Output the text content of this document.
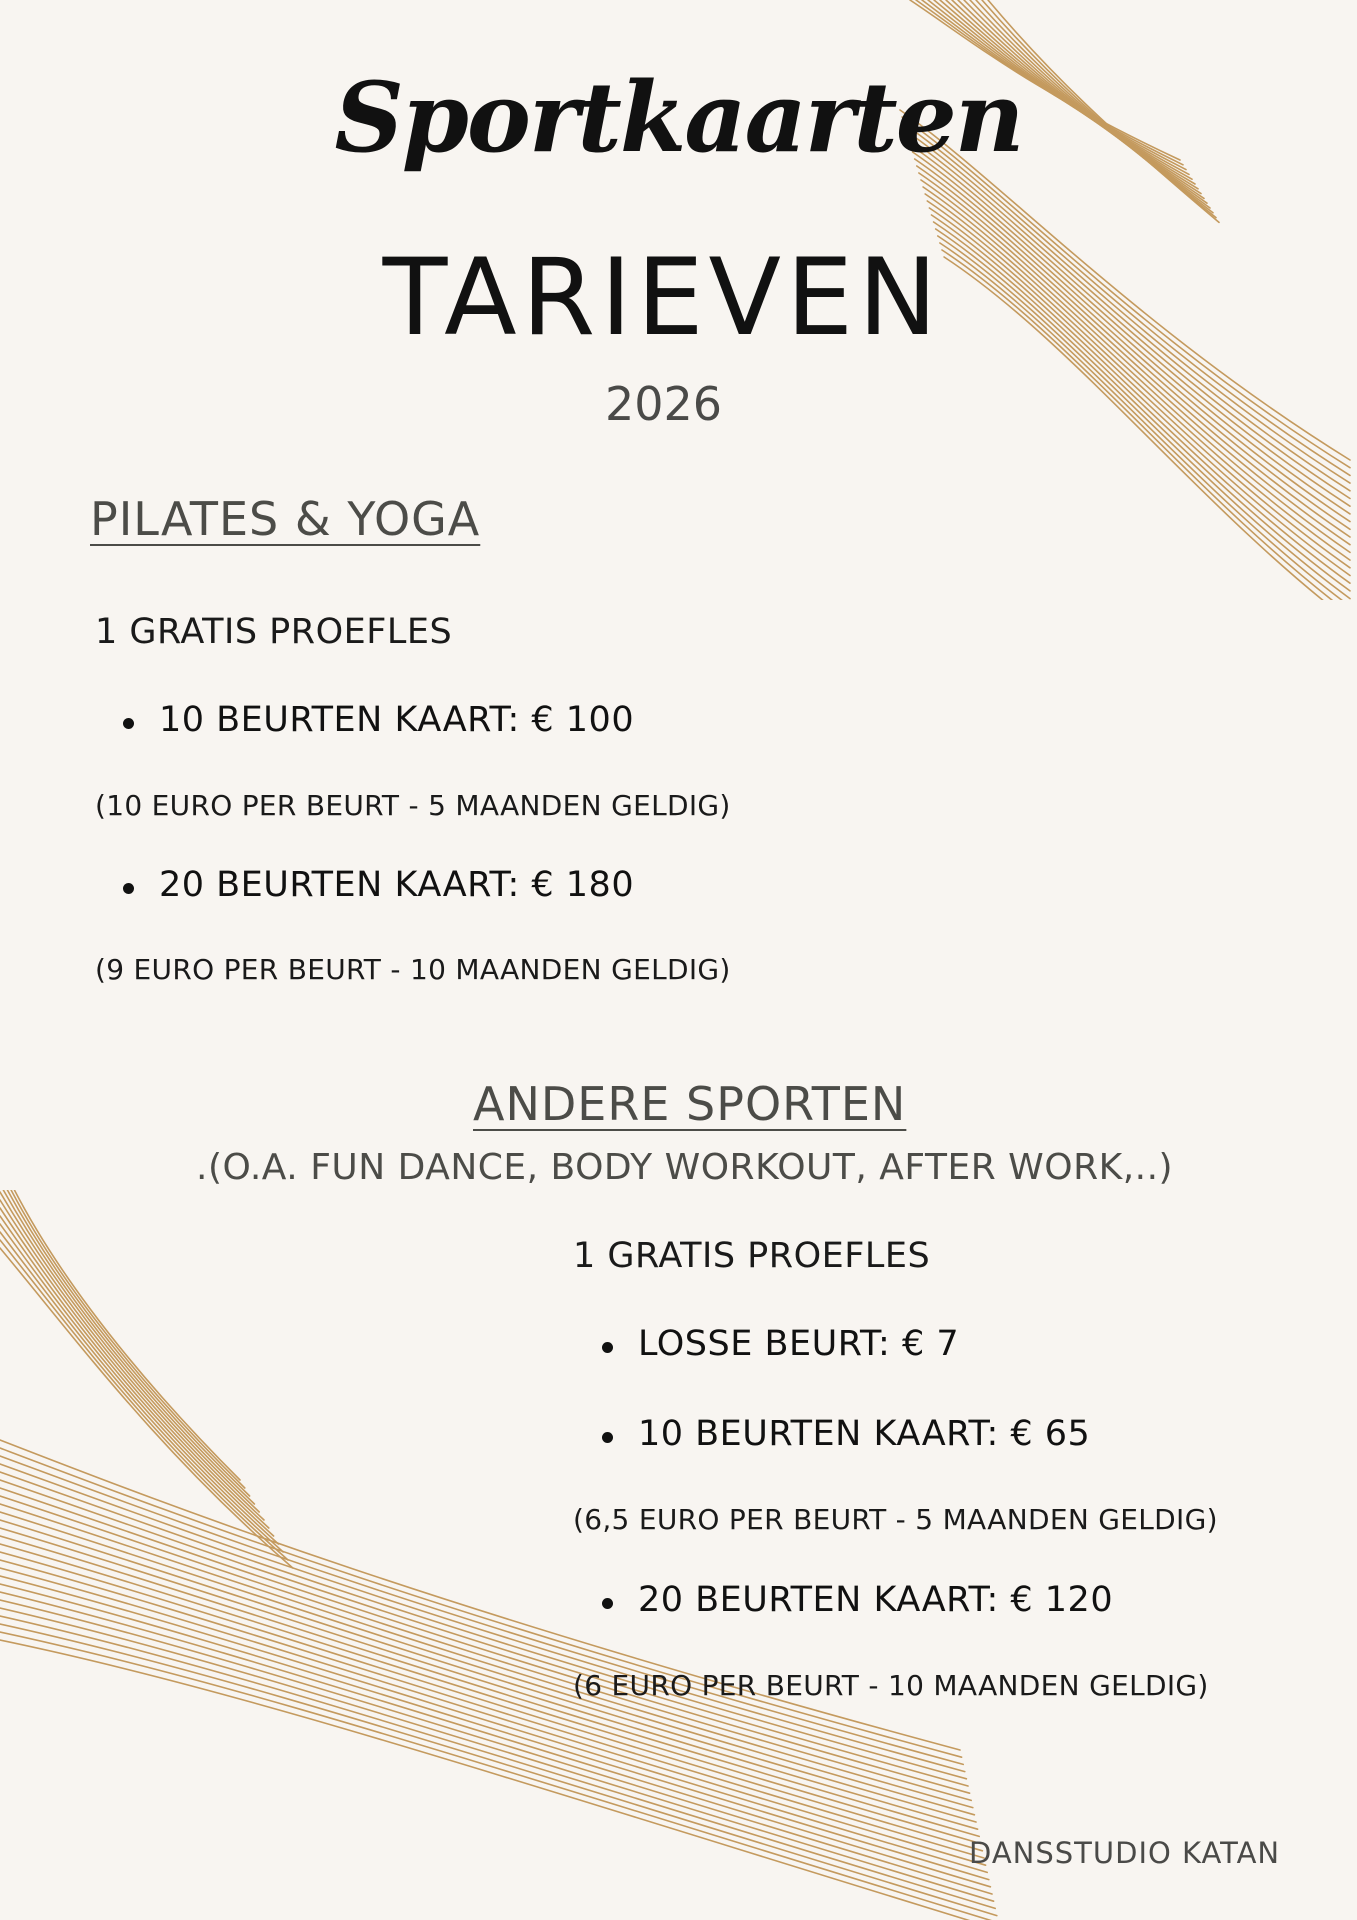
Sportkaarten
TARIEVEN
2026
PILATES & YOGA
1 GRATIS PROEFLES
10 BEURTEN KAART: € 100
(10 EURO PER BEURT - 5 MAANDEN GELDIG)
20 BEURTEN KAART: € 180
(9 EURO PER BEURT - 10 MAANDEN GELDIG)
ANDERE SPORTEN
.(O.A. FUN DANCE, BODY WORKOUT, AFTER WORK,..)
1 GRATIS PROEFLES
LOSSE BEURT: € 7
10 BEURTEN KAART: € 65
(6,5 EURO PER BEURT - 5 MAANDEN GELDIG)
20 BEURTEN KAART: € 120
(6 EURO PER BEURT - 10 MAANDEN GELDIG)
DANSSTUDIO KATAN
